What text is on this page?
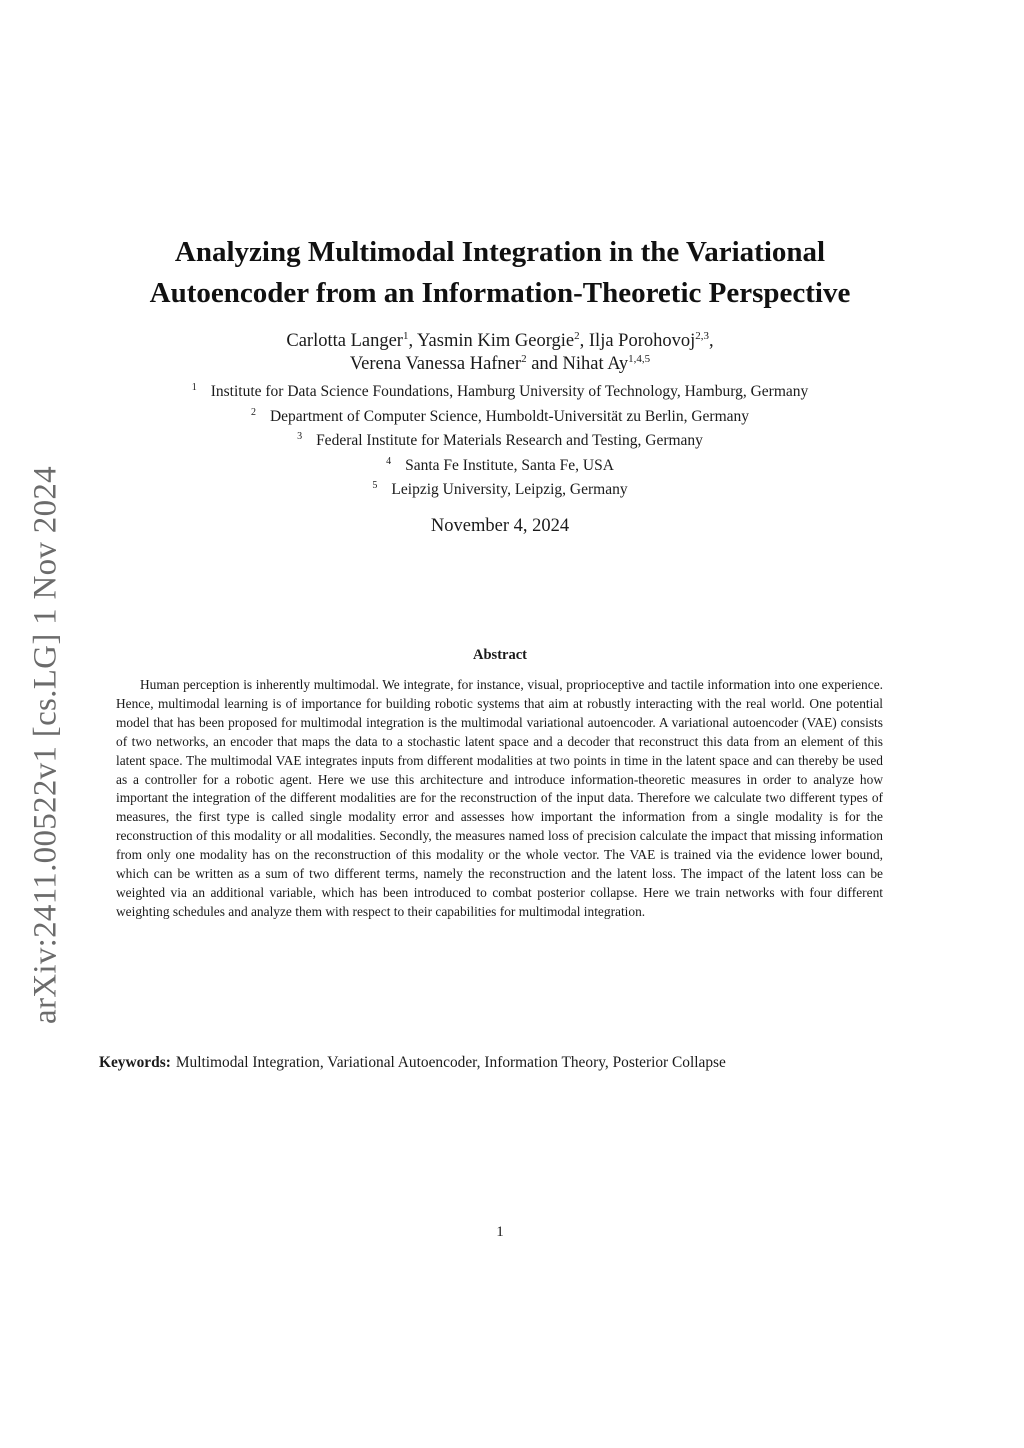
arXiv:2411.00522v1 [cs.LG] 1 Nov 2024
Analyzing Multimodal Integration in the Variational
Autoencoder from an Information-Theoretic Perspective
Carlotta Langer$^1$, Yasmin Kim Georgie$^2$, Ilja Porohovoj$^{2,3}$,
Verena Vanessa Hafner$^2$ and Nihat Ay$^{1,4,5}$
$^1$ Institute for Data Science Foundations, Hamburg University of Technology, Hamburg, Germany
$^2$ Department of Computer Science, Humboldt-Universität zu Berlin, Germany
$^3$ Federal Institute for Materials Research and Testing, Germany
$^4$ Santa Fe Institute, Santa Fe, USA
$^5$ Leipzig University, Leipzig, Germany
November 4, 2024
Abstract

Human perception is inherently multimodal. We integrate, for instance, visual, proprioceptive and tactile information into one experience. Hence, multimodal learning is of importance for building robotic systems that aim at robustly interacting with the real world. One potential model that has been proposed for multimodal integration is the multimodal variational autoencoder. A variational autoencoder (VAE) consists of two networks, an encoder that maps the data to a stochastic latent space and a decoder that reconstruct this data from an element of this latent space. The multimodal VAE integrates inputs from different modalities at two points in time in the latent space and can thereby be used as a controller for a robotic agent. Here we use this architecture and introduce information-theoretic measures in order to analyze how important the integration of the different modalities are for the reconstruction of the input data. Therefore we calculate two different types of measures, the first type is called single modality error and assesses how important the information from a single modality is for the reconstruction of this modality or all modalities. Secondly, the measures named loss of precision calculate the impact that missing information from only one modality has on the reconstruction of this modality or the whole vector. The VAE is trained via the evidence lower bound, which can be written as a sum of two different terms, namely the reconstruction and the latent loss. The impact of the latent loss can be weighted via an additional variable, which has been introduced to combat posterior collapse. Here we train networks with four different weighting schedules and analyze them with respect to their capabilities for multimodal integration.

Keywords: Multimodal Integration, Variational Autoencoder, Information Theory, Posterior Collapse
1
